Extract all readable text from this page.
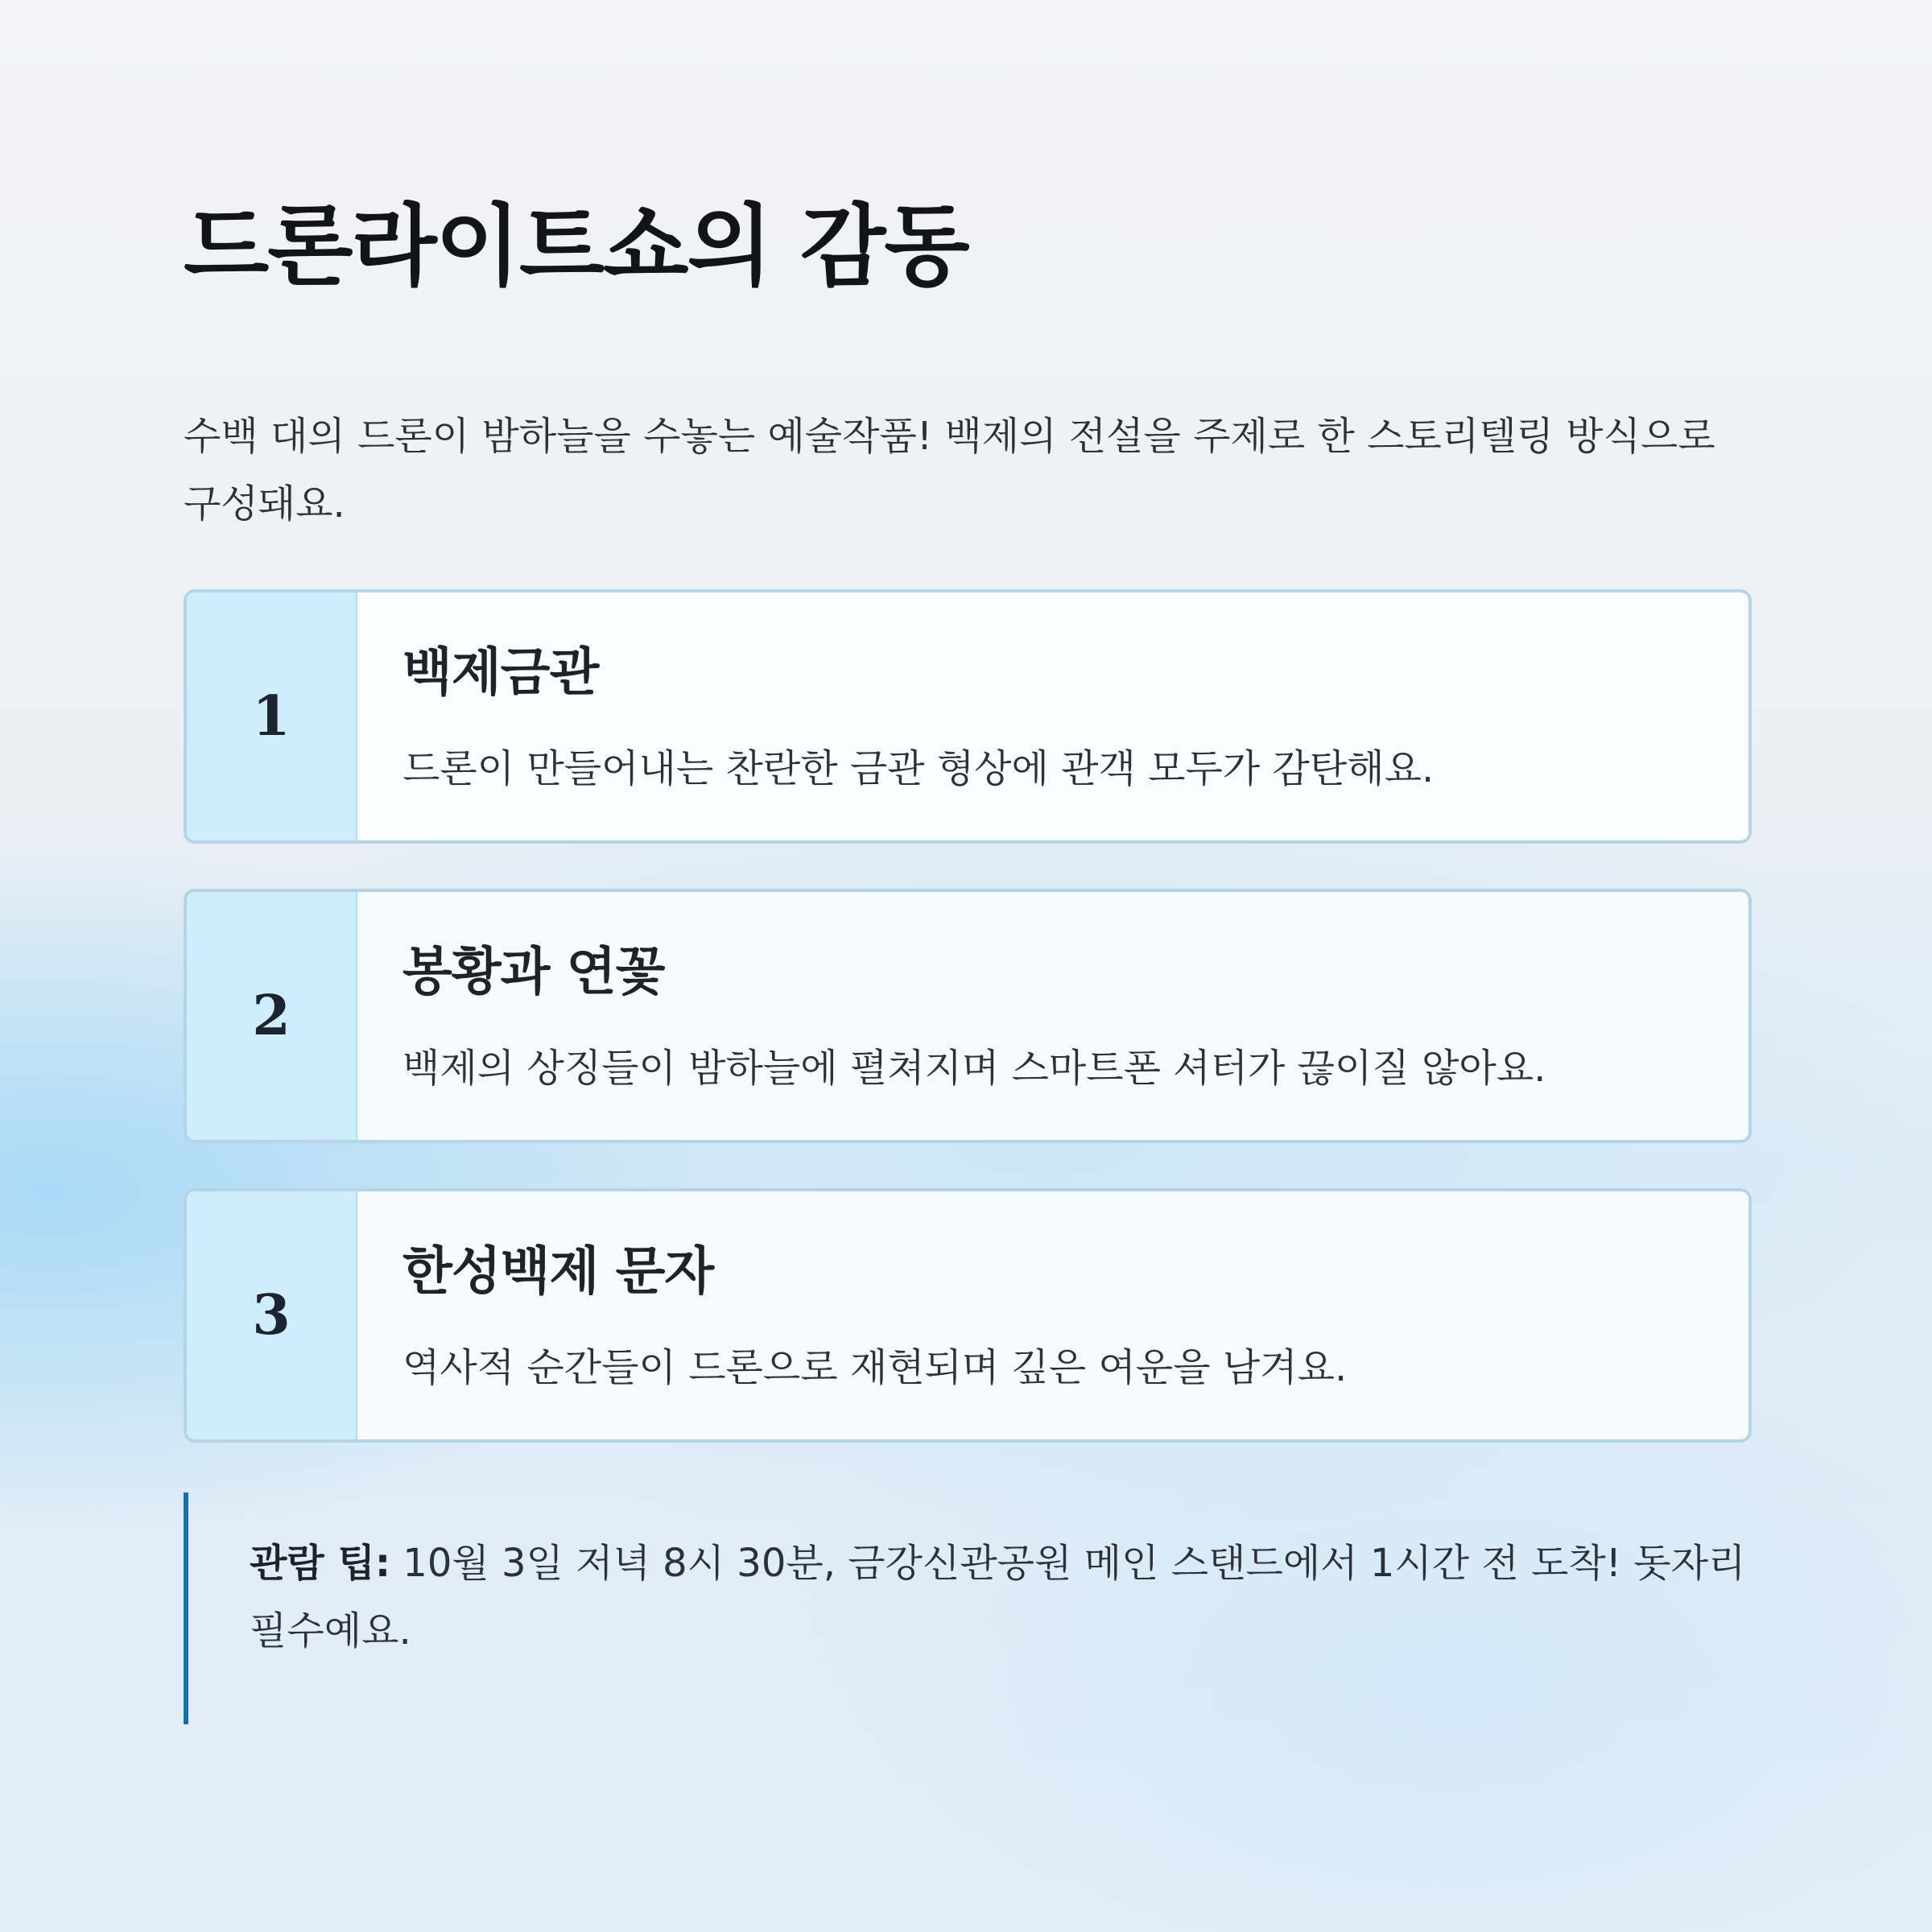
드론라이트쇼의 감동

수백 대의 드론이 밤하늘을 수놓는 예술작품! 백제의 전설을 주제로 한 스토리텔링 방식으로 구성돼요.

1
백제금관

드론이 만들어내는 찬란한 금관 형상에 관객 모두가 감탄해요.

2
봉황과 연꽃

백제의 상징들이 밤하늘에 펼쳐지며 스마트폰 셔터가 끊이질 않아요.

3
한성백제 문자

역사적 순간들이 드론으로 재현되며 깊은 여운을 남겨요.

관람 팁: 10월 3일 저녁 8시 30분, 금강신관공원 메인 스탠드에서 1시간 전 도착! 돗자리 필수예요.
